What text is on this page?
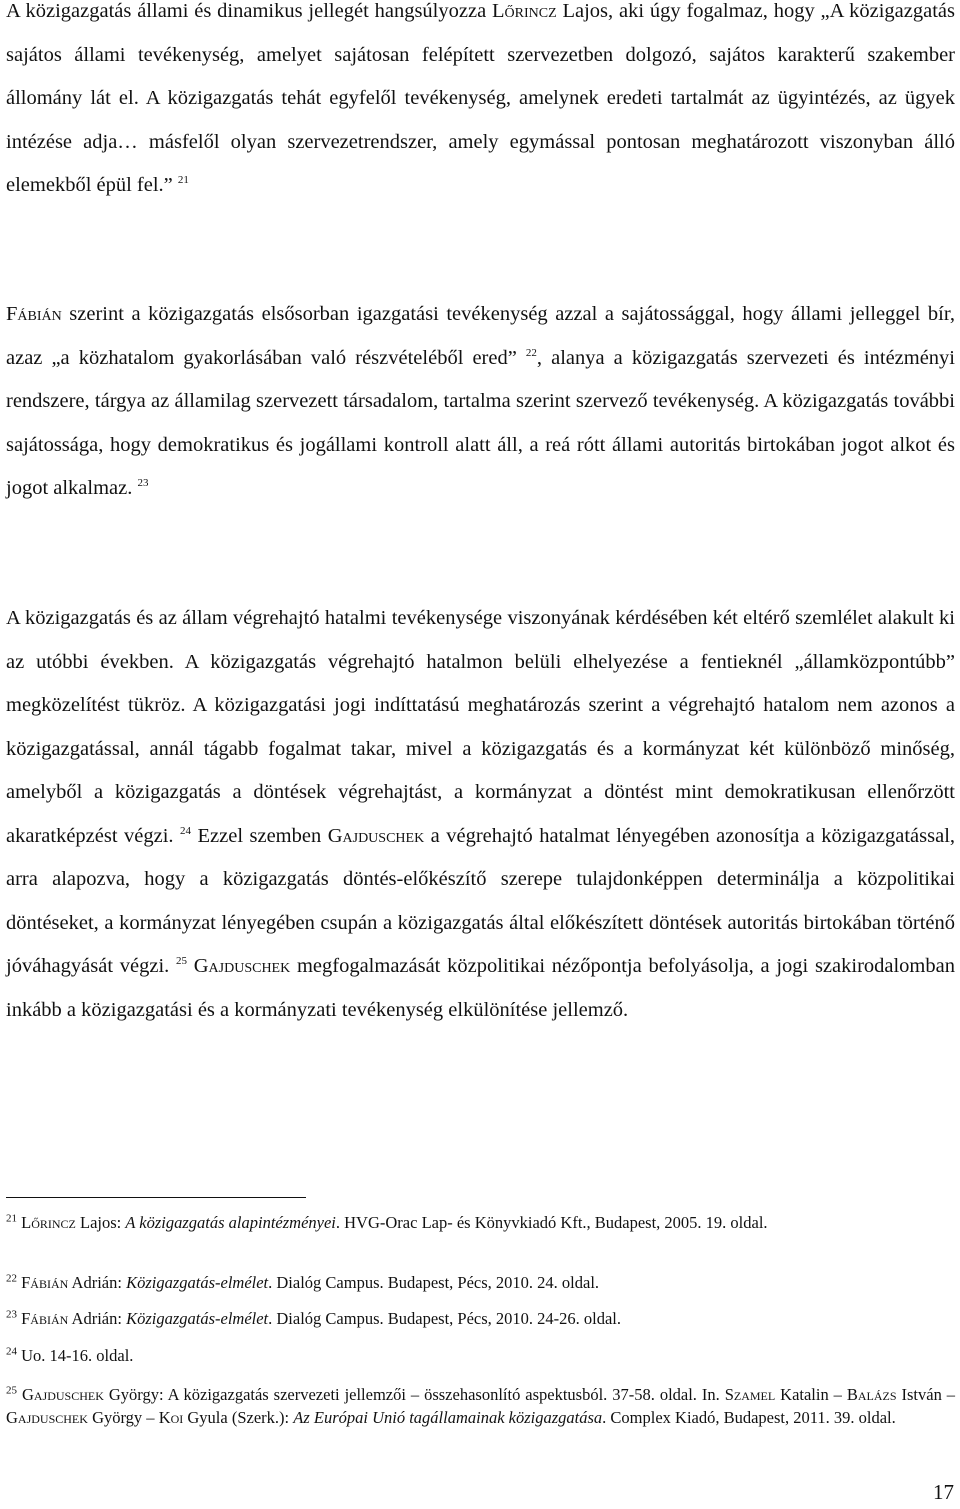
A közigazgatás állami és dinamikus jellegét hangsúlyozza Lőrincz Lajos, aki úgy fogalmaz, hogy „A közigazgatás sajátos állami tevékenység, amelyet sajátosan felépített szervezetben dolgozó, sajátos karakterű szakember állomány lát el. A közigazgatás tehát egyfelől tevékenység, amelynek eredeti tartalmát az ügyintézés, az ügyek intézése adja… másfelől olyan szervezetrendszer, amely egymással pontosan meghatározott viszonyban álló elemekből épül fel.” $^{21}$

Fábián szerint a közigazgatás elsősorban igazgatási tevékenység azzal a sajátossággal, hogy állami jelleggel bír, azaz „a közhatalom gyakorlásában való részvételéből ered” $^{22}$, alanya a közigazgatás szervezeti és intézményi rendszere, tárgya az államilag szervezett társadalom, tartalma szerint szervező tevékenység. A közigazgatás további sajátossága, hogy demokratikus és jogállami kontroll alatt áll, a reá rótt állami autoritás birtokában jogot alkot és jogot alkalmaz. $^{23}$

A közigazgatás és az állam végrehajtó hatalmi tevékenysége viszonyának kérdésében két eltérő szemlélet alakult ki az utóbbi években. A közigazgatás végrehajtó hatalmon belüli elhelyezése a fentieknél „államközpontúbb” megközelítést tükröz. A közigazgatási jogi indíttatású meghatározás szerint a végrehajtó hatalom nem azonos a közigazgatással, annál tágabb fogalmat takar, mivel a közigazgatás és a kormányzat két különböző minőség, amelyből a közigazgatás a döntések végrehajtást, a kormányzat a döntést mint demokratikusan ellenőrzött akaratképzést végzi. $^{24}$ Ezzel szemben Gajduschek a végrehajtó hatalmat lényegében azonosítja a közigazgatással, arra alapozva, hogy a közigazgatás döntés-előkészítő szerepe tulajdonképpen determinálja a közpolitikai döntéseket, a kormányzat lényegében csupán a közigazgatás által előkészített döntések autoritás birtokában történő jóváhagyását végzi. $^{25}$ Gajduschek megfogalmazását közpolitikai nézőpontja befolyásolja, a jogi szakirodalomban inkább a közigazgatási és a kormányzati tevékenység elkülönítése jellemző.

$^{21}$ Lőrincz Lajos: A közigazgatás alapintézményei. HVG-Orac Lap- és Könyvkiadó Kft., Budapest, 2005. 19. oldal.

$^{22}$ Fábián Adrián: Közigazgatás-elmélet. Dialóg Campus. Budapest, Pécs, 2010. 24. oldal.

$^{23}$ Fábián Adrián: Közigazgatás-elmélet. Dialóg Campus. Budapest, Pécs, 2010. 24-26. oldal.

$^{24}$ Uo. 14-16. oldal.

$^{25}$ Gajduschek György: A közigazgatás szervezeti jellemzői – összehasonlító aspektusból. 37-58. oldal. In. Szamel Katalin – Balázs István – Gajduschek György – Koi Gyula (Szerk.): Az Európai Unió tagállamainak közigazgatása. Complex Kiadó, Budapest, 2011. 39. oldal.

17
